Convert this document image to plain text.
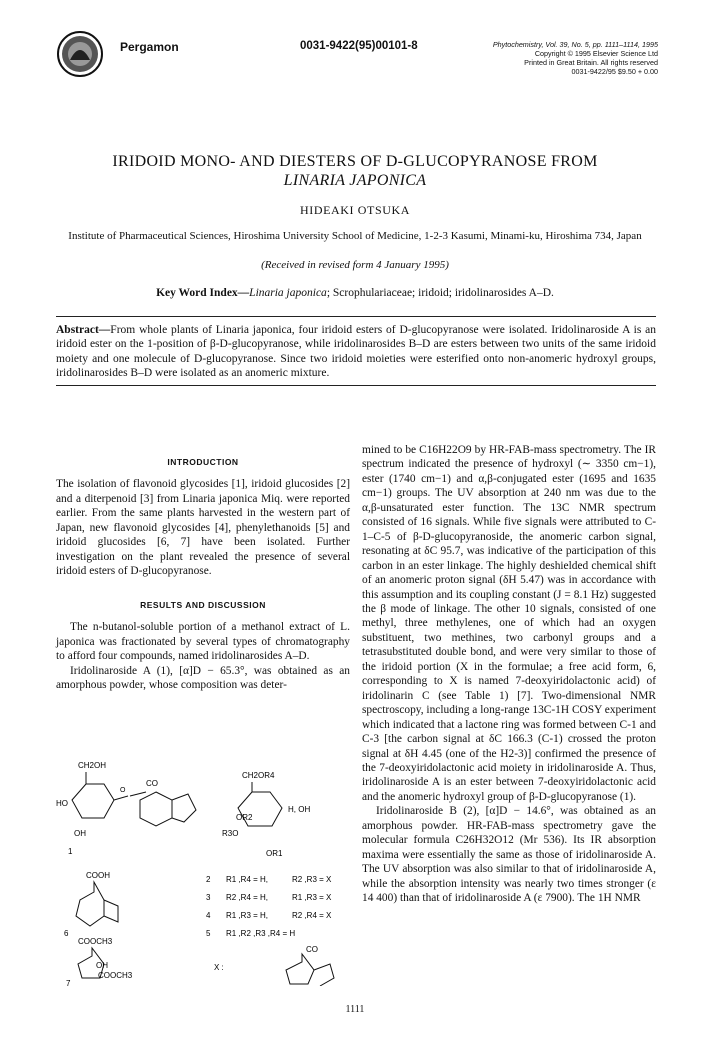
Pergamon	0031-9422(95)00101-8	Phytochemistry, Vol. 39, No. 5, pp. 1111–1114, 1995
Copyright © 1995 Elsevier Science Ltd
Printed in Great Britain. All rights reserved
0031-9422/95 $9.50 + 0.00
IRIDOID MONO- AND DIESTERS OF D-GLUCOPYRANOSE FROM
LINARIA JAPONICA
HIDEAKI OTSUKA
Institute of Pharmaceutical Sciences, Hiroshima University School of Medicine, 1-2-3 Kasumi, Minami-ku, Hiroshima 734, Japan
(Received in revised form 4 January 1995)
Key Word Index—Linaria japonica; Scrophulariaceae; iridoid; iridolinarosides A–D.
Abstract—From whole plants of Linaria japonica, four iridoid esters of D-glucopyranose were isolated. Iridolinaroside A is an iridoid ester on the 1-position of β-D-glucopyranose, while iridolinarosides B–D are esters between two units of the same iridoid moiety and one molecule of D-glucopyranose. Since two iridoid moieties were esterified onto non-anomeric hydroxyl groups, iridolinarosides B–D were isolated as an anomeric mixture.
INTRODUCTION

The isolation of flavonoid glycosides [1], iridoid glucosides [2] and a diterpenoid [3] from Linaria japonica Miq. were reported earlier. From the same plants harvested in the western part of Japan, new flavonoid glycosides [4], phenylethanoids [5] and iridoid glucosides [6, 7] have been isolated. Further investigation on the plant revealed the presence of several iridoid esters of D-glucopyranose.

RESULTS AND DISCUSSION

The n-butanol-soluble portion of a methanol extract of L. japonica was fractionated by several types of chromatography to afford four compounds, named iridolinarosides A–D.

Iridolinaroside A (1), [α]D − 65.3°, was obtained as an amorphous powder, whose composition was deter-

CH2OH
O
CO
HO
OH
1
COOH
6
COOCH3
OH
COOCH3
7
CH2OR4
H, OH
OR2
R3O
OR1
2 R1 ,R4 = H,	R2 ,R3 = X
3 R2 ,R4 = H,	R1 ,R3 = X
4 R1 ,R3 = H,	R2 ,R4 = X
5 R1 ,R2 ,R3 ,R4 = H
X :
CO

mined to be C16H22O9 by HR-FAB-mass spectrometry. The IR spectrum indicated the presence of hydroxyl (∼ 3350 cm−1), ester (1740 cm−1) and α,β-conjugated ester (1695 and 1635 cm−1) groups. The UV absorption at 240 nm was due to the α,β-unsaturated ester function. The 13C NMR spectrum consisted of 16 signals. While five signals were attributed to C-1–C-5 of β-D-glucopyranoside, the anomeric carbon signal, resonating at δC 95.7, was indicative of the participation of this carbon in an ester linkage. The highly deshielded chemical shift of an anomeric proton signal (δH 5.47) was in accordance with this assumption and its coupling constant (J = 8.1 Hz) suggested the β mode of linkage. The other 10 signals, consisted of one methyl, three methylenes, one of which had an oxygen substituent, two methines, two carbonyl groups and a tetrasubstituted double bond, and were very similar to those of the iridoid portion (X in the formulae; a free acid form, 6, corresponding to X is named 7-deoxyiridolactonic acid) of iridolinarin C (see Table 1) [7]. Two-dimensional NMR spectroscopy, including a long-range 13C-1H COSY experiment which indicated that a lactone ring was formed between C-1 and C-3 [the carbon signal at δC 166.3 (C-1) crossed the proton signal at δH 4.45 (one of the H2-3)] confirmed the presence of the 7-deoxyiridolactonic acid moiety in iridolinaroside A. Thus, iridolinaroside A is an ester between 7-deoxyiridolactonic acid and the anomeric hydroxyl group of β-D-glucopyranose (1).

Iridolinaroside B (2), [α]D − 14.6°, was obtained as an amorphous powder. HR-FAB-mass spectrometry gave the molecular formula C26H32O12 (Mr 536). Its IR absorption maxima were essentially the same as those of iridolinaroside A. The UV absorption was also similar to that of iridolinaroside A, while the absorption intensity was nearly two times stronger (ε 14 400) than that of iridolinaroside A (ε 7900). The 1H NMR

1111
